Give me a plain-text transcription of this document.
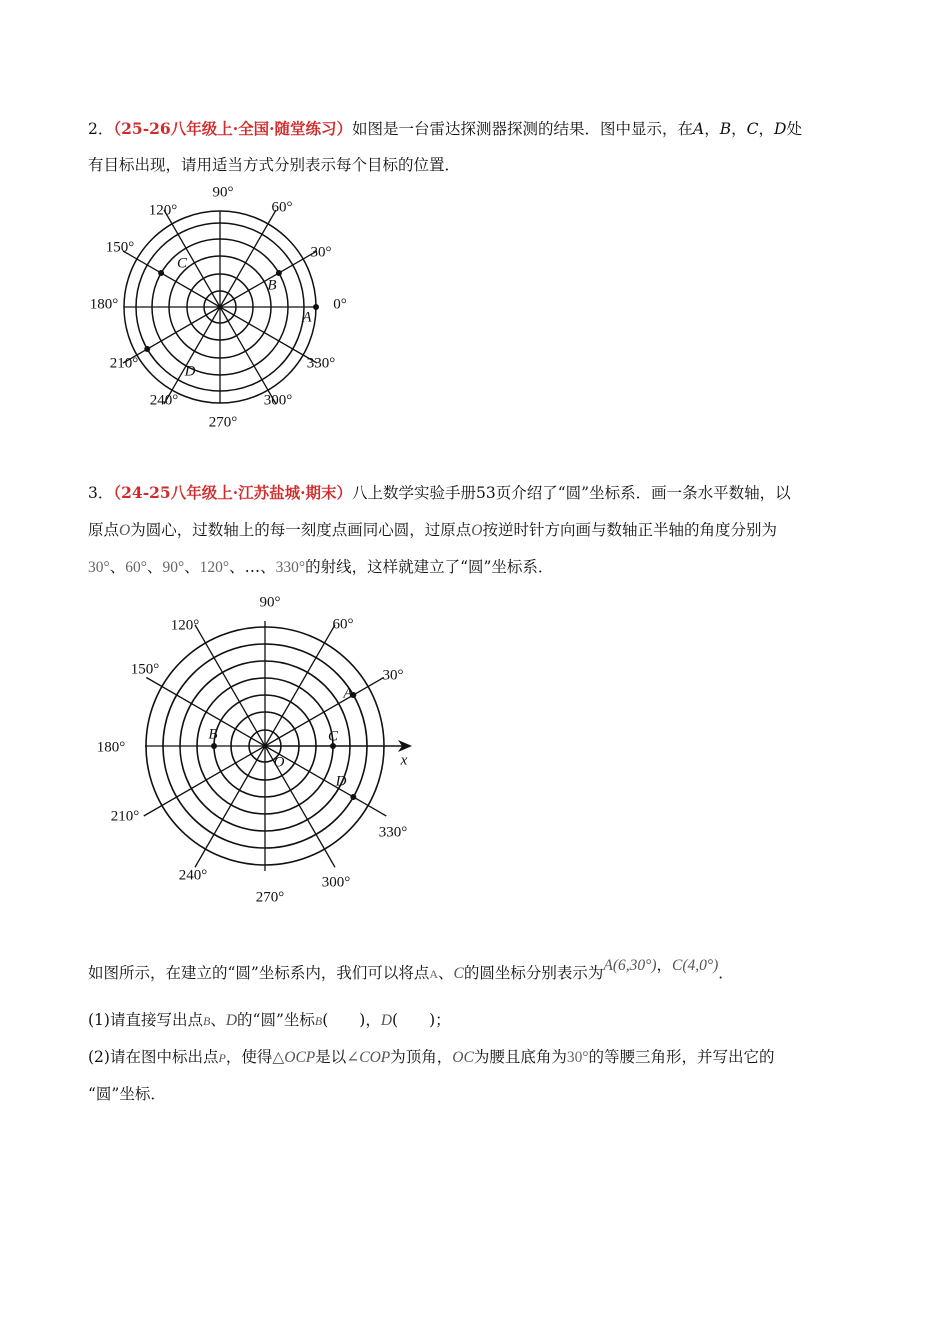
2．（25-26八年级上·全国·随堂练习）如图是一台雷达探测器探测的结果．图中显示，在A，B，C，D处
有目标出现，请用适当方式分别表示每个目标的位置．
0°
30°
60°
90°
120°
150°
180°
210°
240°
270°
300°
330°
A
B
C
D
3．（24-25八年级上·江苏盐城·期末）八上数学实验手册53页介绍了“圆”坐标系．画一条水平数轴，以
原点O为圆心，过数轴上的每一刻度点画同心圆，过原点O按逆时针方向画与数轴正半轴的角度分别为
30°、60°、90°、120°、…、330°的射线，这样就建立了“圆”坐标系．
x
O
30°
60°
90°
120°
150°
180°
210°
240°
270°
300°
330°
A
B	C
D
如图所示，在建立的“圆”坐标系内，我们可以将点A、C的圆坐标分别表示为A(6,30°)，C(4,0°)．
(1)请直接写出点B、D的“圆”坐标B(　　)，D(　　)；
(2)请在图中标出点P，使得△OCP是以∠COP为顶角，OC为腰且底角为30°的等腰三角形，并写出它的
“圆”坐标．
